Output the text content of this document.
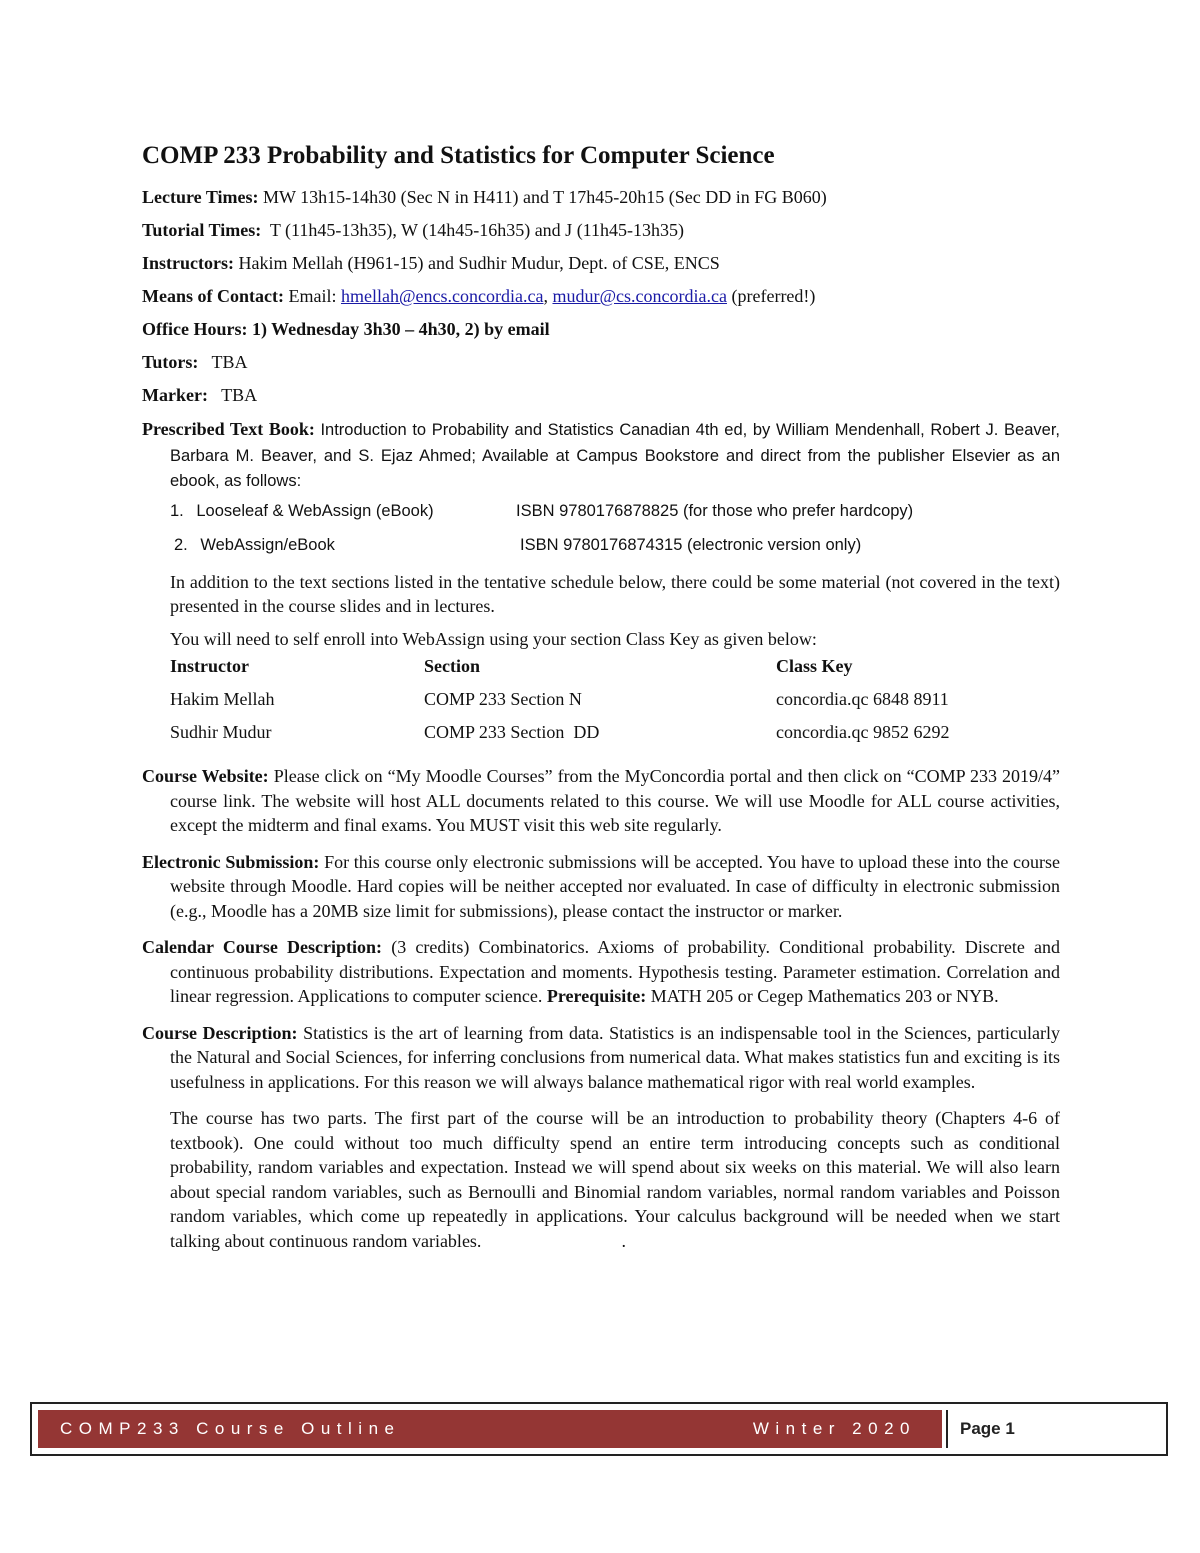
COMP 233 Probability and Statistics for Computer Science
Lecture Times: MW 13h15-14h30 (Sec N in H411) and T 17h45-20h15 (Sec DD in FG B060)
Tutorial Times: T (11h45-13h35), W (14h45-16h35) and J (11h45-13h35)
Instructors: Hakim Mellah (H961-15) and Sudhir Mudur, Dept. of CSE, ENCS
Means of Contact: Email: hmellah@encs.concordia.ca, mudur@cs.concordia.ca (preferred!)
Office Hours: 1) Wednesday 3h30 – 4h30, 2) by email
Tutors: TBA
Marker: TBA
Prescribed Text Book: Introduction to Probability and Statistics Canadian 4th ed, by William Mendenhall, Robert J. Beaver, Barbara M. Beaver, and S. Ejaz Ahmed; Available at Campus Bookstore and direct from the publisher Elsevier as an ebook, as follows:
1. Looseleaf & WebAssign (eBook)	ISBN 9780176878825 (for those who prefer hardcopy)
2. WebAssign/eBook	ISBN 9780176874315 (electronic version only)
In addition to the text sections listed in the tentative schedule below, there could be some material (not covered in the text) presented in the course slides and in lectures.
You will need to self enroll into WebAssign using your section Class Key as given below:
Instructor	Section	Class Key
Hakim Mellah	COMP 233 Section N	concordia.qc 6848 8911
Sudhir Mudur	COMP 233 Section  DD	concordia.qc 9852 6292
Course Website: Please click on “My Moodle Courses” from the MyConcordia portal and then click on “COMP 233 2019/4” course link. The website will host ALL documents related to this course. We will use Moodle for ALL course activities, except the midterm and final exams. You MUST visit this web site regularly.
Electronic Submission: For this course only electronic submissions will be accepted. You have to upload these into the course website through Moodle. Hard copies will be neither accepted nor evaluated. In case of difficulty in electronic submission (e.g., Moodle has a 20MB size limit for submissions), please contact the instructor or marker.
Calendar Course Description: (3 credits) Combinatorics. Axioms of probability. Conditional probability. Discrete and continuous probability distributions. Expectation and moments. Hypothesis testing. Parameter estimation. Correlation and linear regression. Applications to computer science. Prerequisite: MATH 205 or Cegep Mathematics 203 or NYB.
Course Description: Statistics is the art of learning from data. Statistics is an indispensable tool in the Sciences, particularly the Natural and Social Sciences, for inferring conclusions from numerical data. What makes statistics fun and exciting is its usefulness in applications. For this reason we will always balance mathematical rigor with real world examples.
The course has two parts. The first part of the course will be an introduction to probability theory (Chapters 4-6 of textbook). One could without too much difficulty spend an entire term introducing concepts such as conditional probability, random variables and expectation. Instead we will spend about six weeks on this material. We will also learn about special random variables, such as Bernoulli and Binomial random variables, normal random variables and Poisson random variables, which come up repeatedly in applications. Your calculus background will be needed when we start talking about continuous random variables.	.
COMP233 Course Outline	Winter 2020	Page 1
